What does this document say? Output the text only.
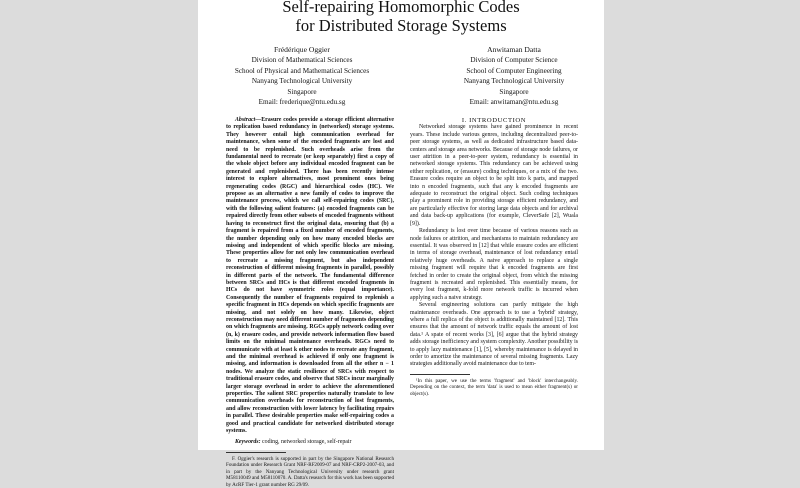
Self-repairing Homomorphic Codes
for Distributed Storage Systems
Frédérique Oggier
Division of Mathematical Sciences
School of Physical and Mathematical Sciences
Nanyang Technological University
Singapore
Email: frederique@ntu.edu.sg
Anwitaman Datta
Division of Computer Science
School of Computer Engineering
Nanyang Technological University
Singapore
Email: anwitaman@ntu.edu.sg

Abstract—Erasure codes provide a storage efficient alternative to replication based redundancy in (networked) storage systems. They however entail high communication overhead for maintenance, when some of the encoded fragments are lost and need to be replenished. Such overheads arise from the fundamental need to recreate (or keep separately) first a copy of the whole object before any individual encoded fragment can be generated and replenished. There has been recently intense interest to explore alternatives, most prominent ones being regenerating codes (RGC) and hierarchical codes (HC). We propose as an alternative a new family of codes to improve the maintenance process, which we call self-repairing codes (SRC), with the following salient features: (a) encoded fragments can be repaired directly from other subsets of encoded fragments without having to reconstruct first the original data, ensuring that (b) a fragment is repaired from a fixed number of encoded fragments, the number depending only on how many encoded blocks are missing and independent of which specific blocks are missing. These properties allow for not only low communication overhead to recreate a missing fragment, but also independent reconstruction of different missing fragments in parallel, possibly in different parts of the network. The fundamental difference between SRCs and HCs is that different encoded fragments in HCs do not have symmetric roles (equal importance). Consequently the number of fragments required to replenish a specific fragment in HCs depends on which specific fragments are missing, and not solely on how many. Likewise, object reconstruction may need different number of fragments depending on which fragments are missing. RGCs apply network coding over (n, k) erasure codes, and provide network information flow based limits on the minimal maintenance overheads. RGCs need to communicate with at least k other nodes to recreate any fragment, and the minimal overhead is achieved if only one fragment is missing, and information is downloaded from all the other n − 1 nodes. We analyze the static resilience of SRCs with respect to traditional erasure codes, and observe that SRCs incur marginally larger storage overhead in order to achieve the aforementioned properties. The salient SRC properties naturally translate to low communication overheads for reconstruction of lost fragments, and allow reconstruction with lower latency by facilitating repairs in parallel. These desirable properties make self-repairing codes a good and practical candidate for networked distributed storage systems.

Keywords: coding, networked storage, self-repair

F. Oggier's research is supported in part by the Singapore National Research Foundation under Research Grant NRF-RF2009-07 and NRF-CRP2-2007-03, and in part by the Nanyang Technological University under research grant M58110049 and M58110070. A. Datta's research for this work has been supported by AcRF Tier-1 grant number RG 29/09.

I. INTRODUCTION

Networked storage systems have gained prominence in recent years. These include various genres, including decentralized peer-to-peer storage systems, as well as dedicated infrastructure based data-centers and storage area networks. Because of storage node failures, or user attrition in a peer-to-peer system, redundancy is essential in networked storage systems. This redundancy can be achieved using either replication, or (erasure) coding techniques, or a mix of the two. Erasure codes require an object to be split into k parts, and mapped into n encoded fragments, such that any k encoded fragments are adequate to reconstruct the original object. Such coding techniques play a prominent role in providing storage efficient redundancy, and are particularly effective for storing large data objects and for archival and data back-up applications (for example, CleverSafe [2], Wuala [9]).

Redundancy is lost over time because of various reasons such as node failures or attrition, and mechanisms to maintain redundancy are essential. It was observed in [12] that while erasure codes are efficient in terms of storage overhead, maintenance of lost redundancy entail relatively huge overheads. A naive approach to replace a single missing fragment will require that k encoded fragments are first fetched in order to create the original object, from which the missing fragment is recreated and replenished. This essentially means, for every lost fragment, k-fold more network traffic is incurred when applying such a naive strategy.

Several engineering solutions can partly mitigate the high maintenance overheads. One approach is to use a 'hybrid' strategy, where a full replica of the object is additionally maintained [12]. This ensures that the amount of network traffic equals the amount of lost data.¹ A spate of recent works [3], [6] argue that the hybrid strategy adds storage inefficiency and system complexity. Another possibility is to apply lazy maintenance [1], [5], whereby maintenance is delayed in order to amortize the maintenance of several missing fragments. Lazy strategies additionally avoid maintenance due to tem-

¹In this paper, we use the terms 'fragment' and 'block' interchangeably. Depending on the context, the term 'data' is used to mean either fragment(s) or object(s).
